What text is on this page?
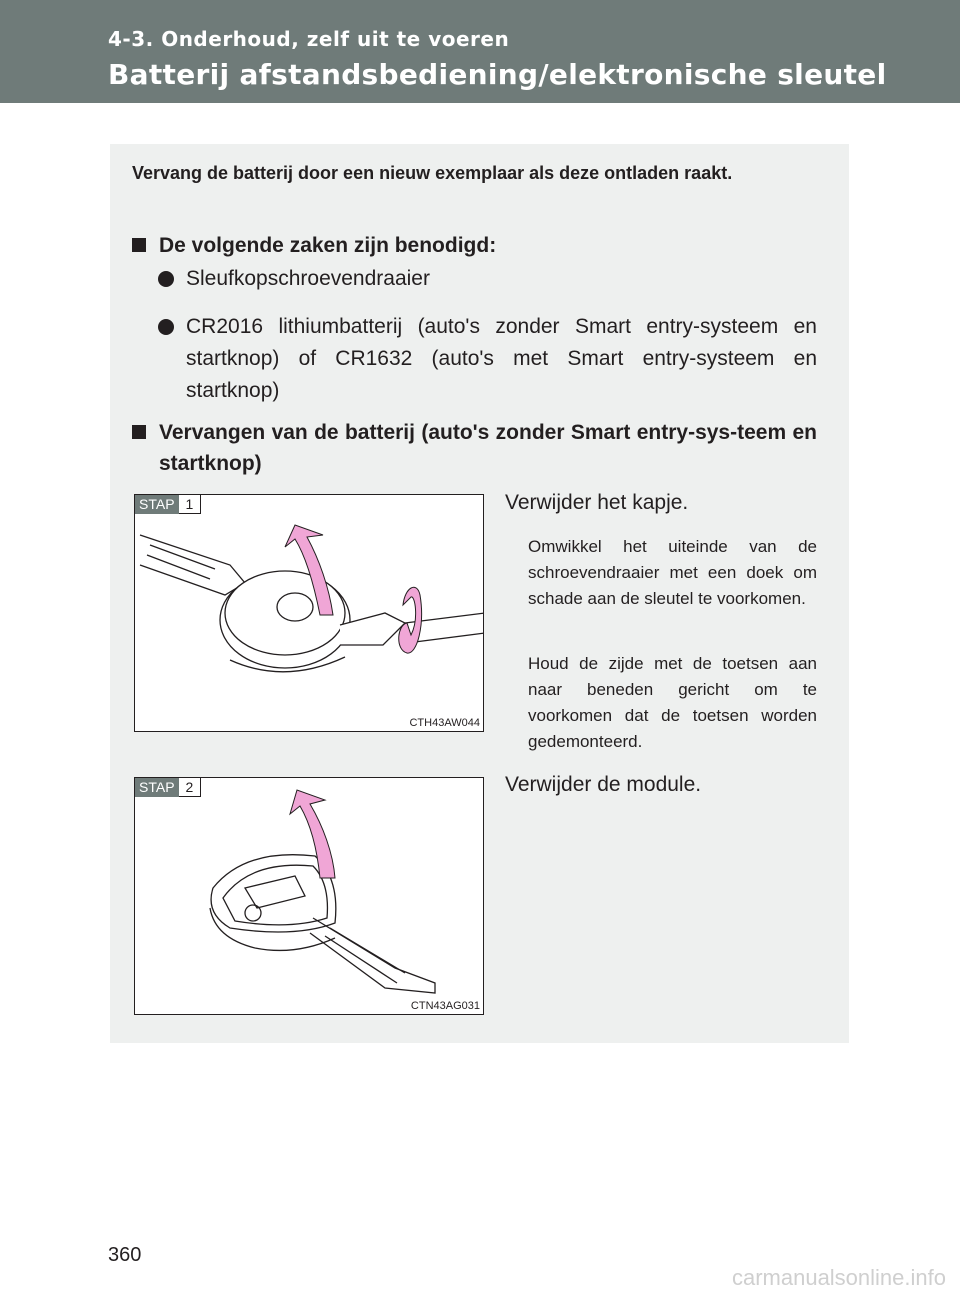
4-3. Onderhoud, zelf uit te voeren
Batterij afstandsbediening/elektronische sleutel
Vervang de batterij door een nieuw exemplaar als deze ontladen raakt.
De volgende zaken zijn benodigd:
Sleufkopschroevendraaier
CR2016 lithiumbatterij (auto's zonder Smart entry-systeem en startknop) of CR1632 (auto's met Smart entry-systeem en startknop)
Vervangen van de batterij (auto's zonder Smart entry-sys-teem en startknop)
STAP 1
CTH43AW044
Verwijder het kapje.
Omwikkel het uiteinde van de schroevendraaier met een doek om schade aan de sleutel te voorkomen.
Houd de zijde met de toetsen aan naar beneden gericht om te voorkomen dat de toetsen worden gedemonteerd.
STAP 2
CTN43AG031
Verwijder de module.
360
carmanualsonline.info
